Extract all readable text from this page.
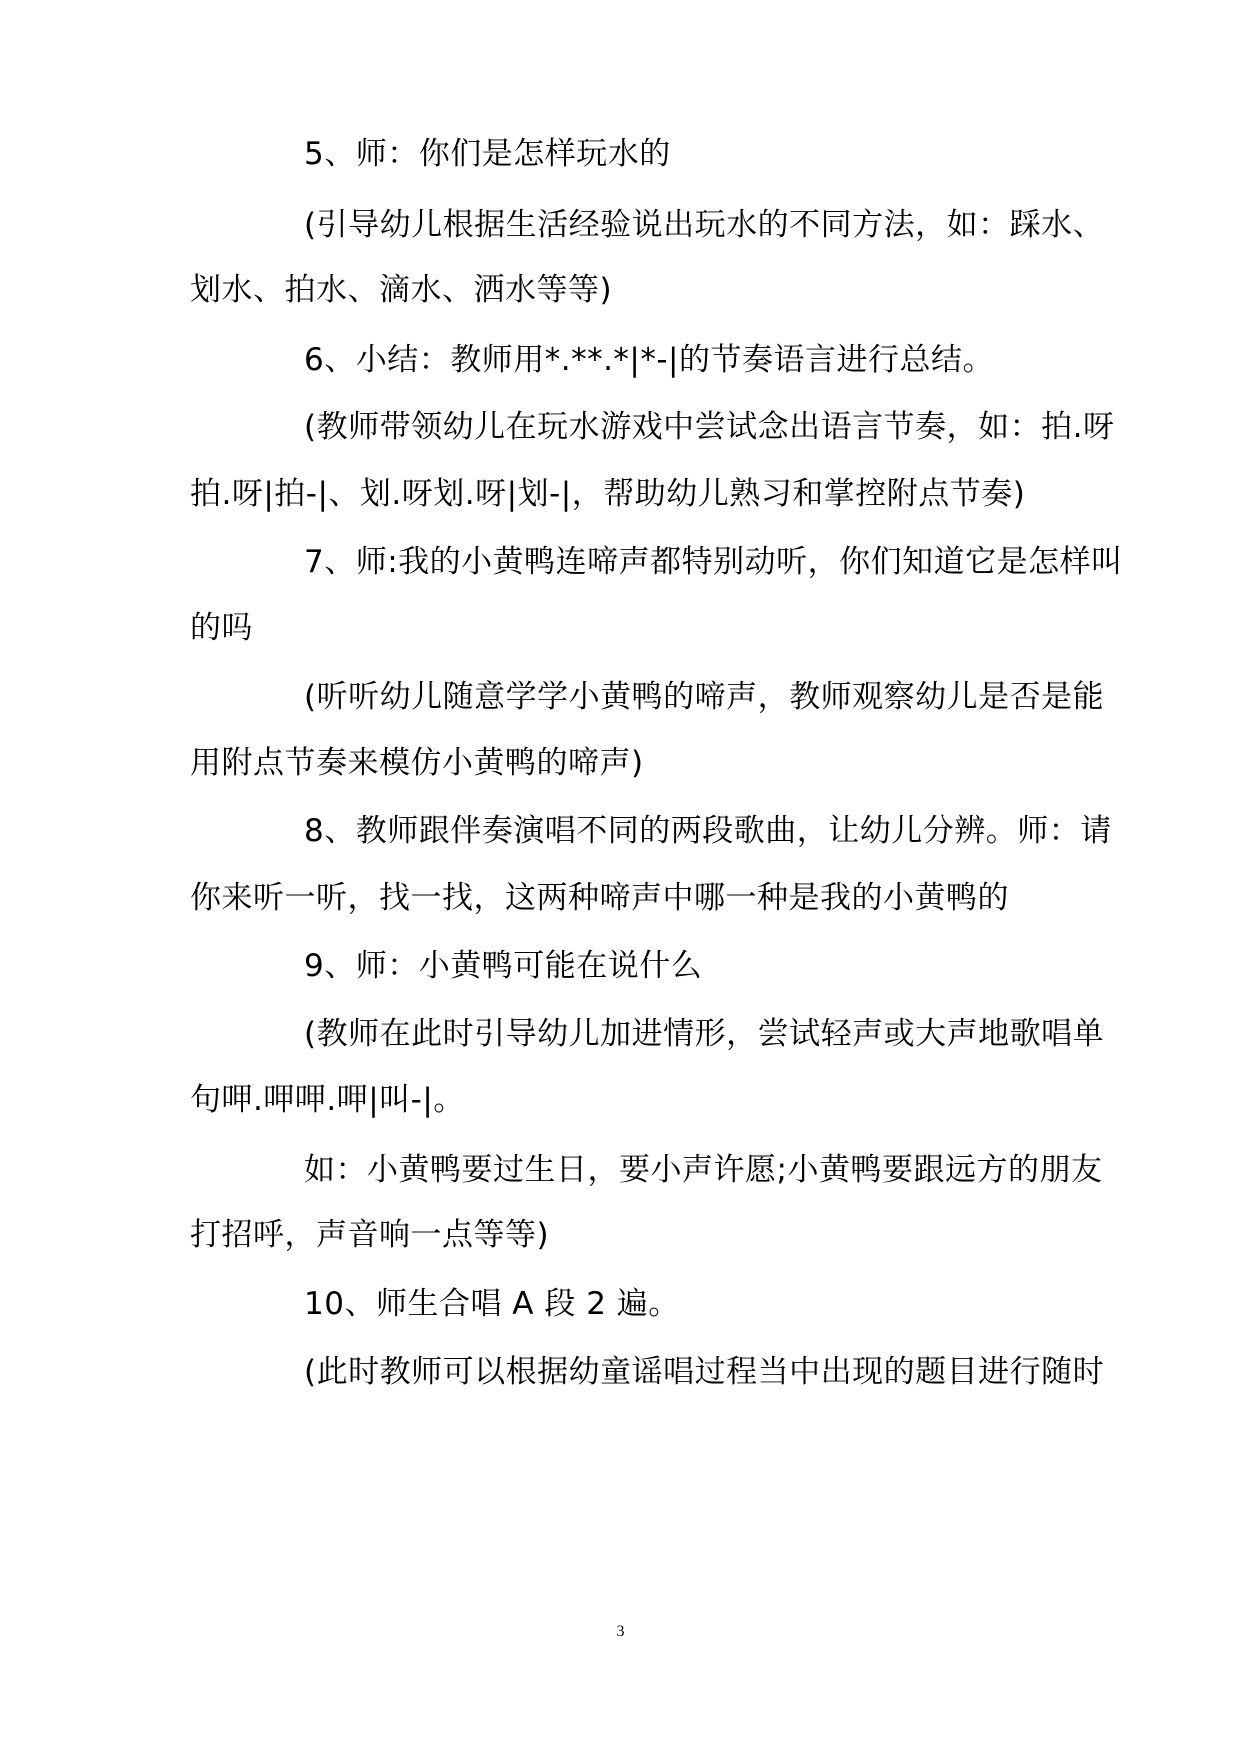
5、师：你们是怎样玩水的
(引导幼儿根据生活经验说出玩水的不同方法，如：踩水、
划水、拍水、滴水、洒水等等)
6、小结：教师用*.**.*|*-|的节奏语言进行总结。
(教师带领幼儿在玩水游戏中尝试念出语言节奏，如：拍.呀
拍.呀|拍-|、划.呀划.呀|划-|，帮助幼儿熟习和掌控附点节奏)
7、师:我的小黄鸭连啼声都特别动听，你们知道它是怎样叫
的吗
(听听幼儿随意学学小黄鸭的啼声，教师观察幼儿是否是能
用附点节奏来模仿小黄鸭的啼声)
8、教师跟伴奏演唱不同的两段歌曲，让幼儿分辨。师：请
你来听一听，找一找，这两种啼声中哪一种是我的小黄鸭的
9、师：小黄鸭可能在说什么
(教师在此时引导幼儿加进情形，尝试轻声或大声地歌唱单
句呷.呷呷.呷|叫-|。
如：小黄鸭要过生日，要小声许愿;小黄鸭要跟远方的朋友
打招呼，声音响一点等等)
10、师生合唱 A 段 2 遍。
(此时教师可以根据幼童谣唱过程当中出现的题目进行随时
3
